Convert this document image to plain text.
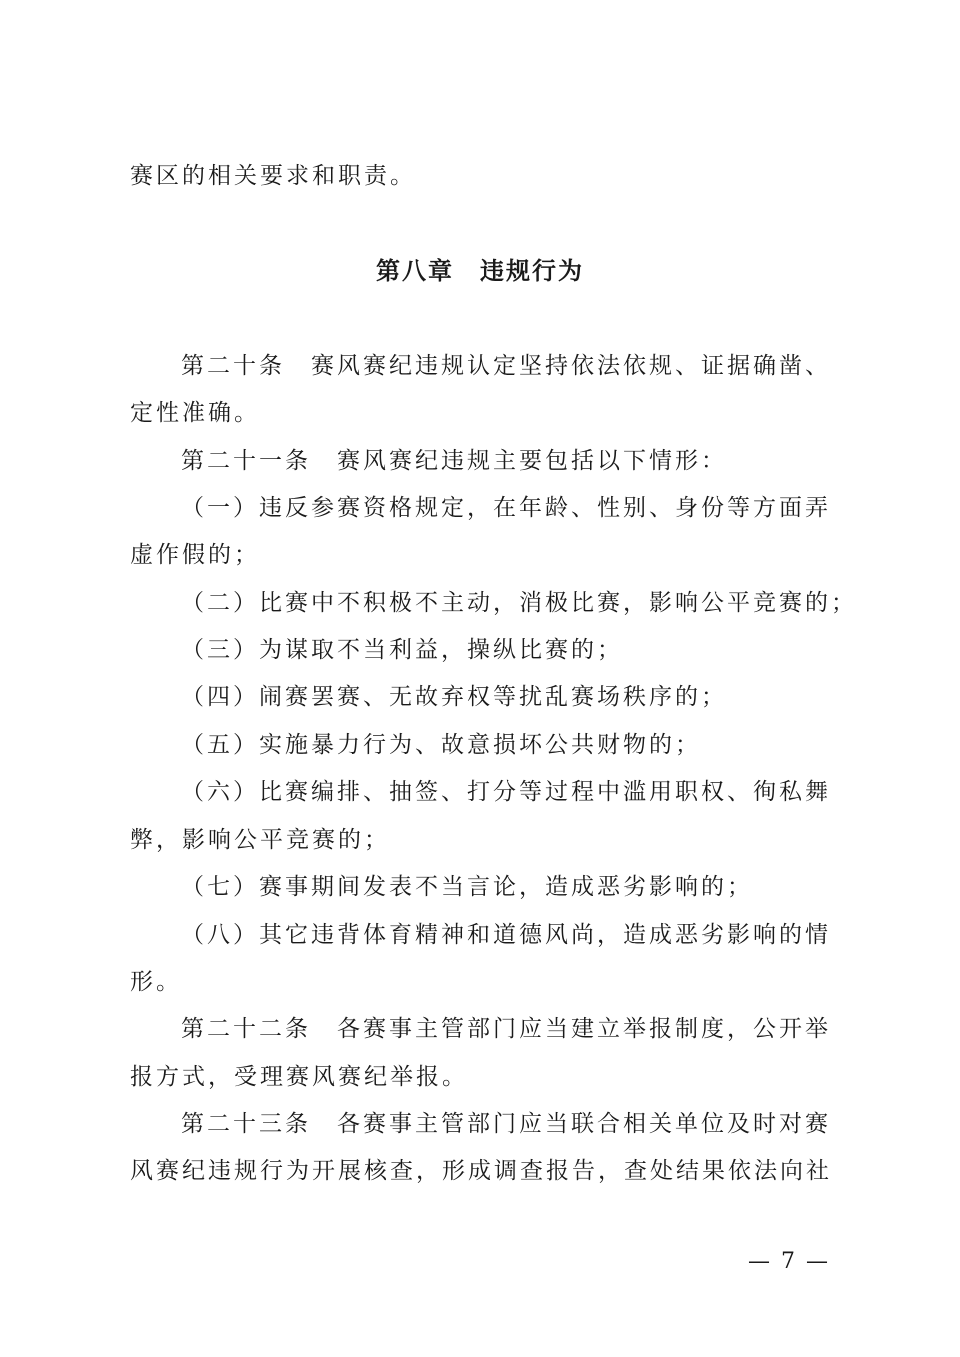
赛区的相关要求和职责。
第八章　违规行为
第二十条　赛风赛纪违规认定坚持依法依规、证据确凿、
定性准确。
第二十一条　赛风赛纪违规主要包括以下情形：
（一）违反参赛资格规定，在年龄、性别、身份等方面弄
虚作假的；
（二）比赛中不积极不主动，消极比赛，影响公平竞赛的；
（三）为谋取不当利益，操纵比赛的；
（四）闹赛罢赛、无故弃权等扰乱赛场秩序的；
（五）实施暴力行为、故意损坏公共财物的；
（六）比赛编排、抽签、打分等过程中滥用职权、徇私舞
弊，影响公平竞赛的；
（七）赛事期间发表不当言论，造成恶劣影响的；
（八）其它违背体育精神和道德风尚，造成恶劣影响的情
形。
第二十二条　各赛事主管部门应当建立举报制度，公开举
报方式，受理赛风赛纪举报。
第二十三条　各赛事主管部门应当联合相关单位及时对赛
风赛纪违规行为开展核查，形成调查报告，查处结果依法向社
— 7 —
